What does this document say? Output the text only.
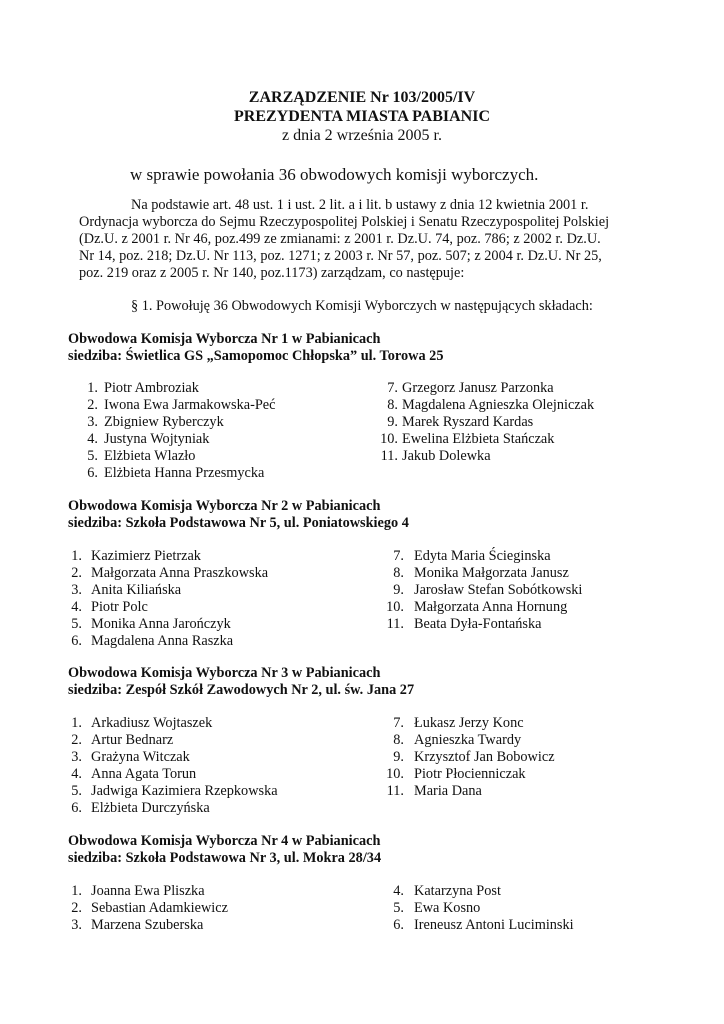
ZARZĄDZENIE Nr 103/2005/IV
PREZYDENTA MIASTA PABIANIC
z dnia 2 września 2005 r.
w sprawie powołania 36 obwodowych komisji wyborczych.
Na podstawie art. 48 ust. 1 i ust. 2 lit. a i lit. b ustawy z dnia 12 kwietnia 2001 r.
Ordynacja wyborcza do Sejmu Rzeczypospolitej Polskiej i Senatu Rzeczypospolitej Polskiej
(Dz.U. z 2001 r. Nr 46, poz.499 ze zmianami: z 2001 r. Dz.U. 74, poz. 786; z 2002 r. Dz.U.
Nr 14, poz. 218; Dz.U. Nr 113, poz. 1271; z 2003 r. Nr 57, poz. 507; z 2004 r. Dz.U. Nr 25,
poz. 219 oraz z 2005 r. Nr 140, poz.1173) zarządzam, co następuje:
§ 1. Powołuję 36 Obwodowych Komisji Wyborczych w następujących składach:
Obwodowa Komisja Wyborcza Nr 1 w Pabianicach
siedziba: Świetlica GS „Samopomoc Chłopska” ul. Torowa 25
1. Piotr Ambroziak
2. Iwona Ewa Jarmakowska-Peć
3. Zbigniew Ryberczyk
4. Justyna Wojtyniak
5. Elżbieta Wlazło
6. Elżbieta Hanna Przesmycka
7. Grzegorz Janusz Parzonka
8. Magdalena Agnieszka Olejniczak
9. Marek Ryszard Kardas
10. Ewelina Elżbieta Stańczak
11. Jakub Dolewka
Obwodowa Komisja Wyborcza Nr 2 w Pabianicach
siedziba: Szkoła Podstawowa Nr 5, ul. Poniatowskiego 4
1. Kazimierz Pietrzak
2. Małgorzata Anna Praszkowska
3. Anita Kiliańska
4. Piotr Polc
5. Monika Anna Jarończyk
6. Magdalena Anna Raszka
7. Edyta Maria Ścieginska
8. Monika Małgorzata Janusz
9. Jarosław Stefan Sobótkowski
10. Małgorzata Anna Hornung
11. Beata Dyła-Fontańska
Obwodowa Komisja Wyborcza Nr 3 w Pabianicach
siedziba: Zespół Szkół Zawodowych Nr 2, ul. św. Jana 27
1. Arkadiusz Wojtaszek
2. Artur Bednarz
3. Grażyna Witczak
4. Anna Agata Torun
5. Jadwiga Kazimiera Rzepkowska
6. Elżbieta Durczyńska
7. Łukasz Jerzy Konc
8. Agnieszka Twardy
9. Krzysztof Jan Bobowicz
10. Piotr Płocienniczak
11. Maria Dana
Obwodowa Komisja Wyborcza Nr 4 w Pabianicach
siedziba: Szkoła Podstawowa Nr 3, ul. Mokra 28/34
1. Joanna Ewa Pliszka
2. Sebastian Adamkiewicz
3. Marzena Szuberska
4. Katarzyna Post
5. Ewa Kosno
6. Ireneusz Antoni Luciminski
